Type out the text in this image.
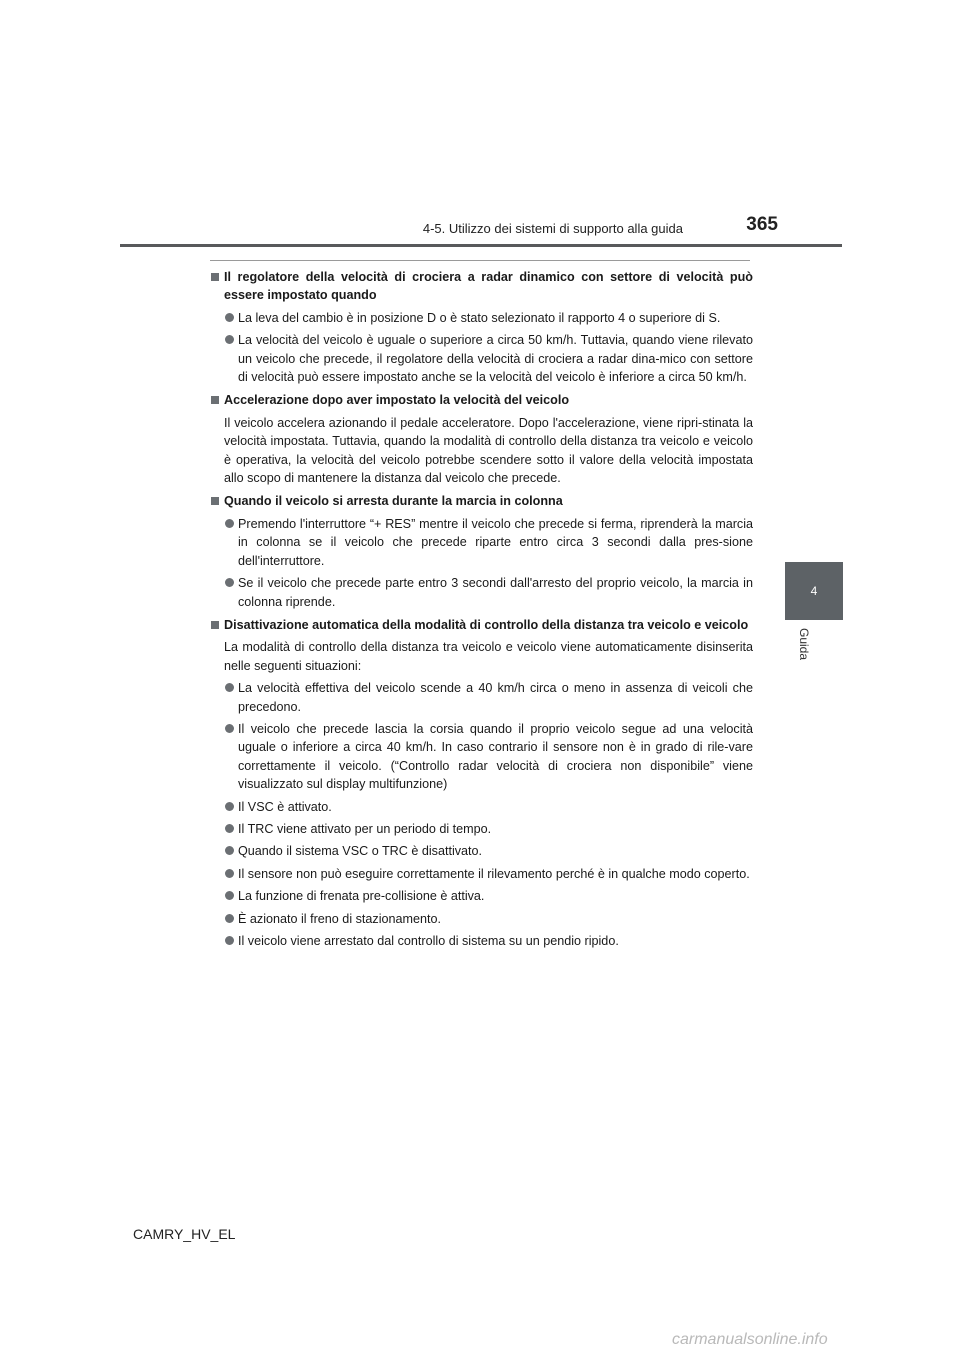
4-5. Utilizzo dei sistemi di supporto alla guida	365
4
Guida
Il regolatore della velocità di crociera a radar dinamico con settore di velocità può essere impostato quando
La leva del cambio è in posizione D o è stato selezionato il rapporto 4 o superiore di S.
La velocità del veicolo è uguale o superiore a circa 50 km/h. Tuttavia, quando viene rilevato un veicolo che precede, il regolatore della velocità di crociera a radar dina-mico con settore di velocità può essere impostato anche se la velocità del veicolo è inferiore a circa 50 km/h.
Accelerazione dopo aver impostato la velocità del veicolo
Il veicolo accelera azionando il pedale acceleratore. Dopo l'accelerazione, viene ripri-stinata la velocità impostata. Tuttavia, quando la modalità di controllo della distanza tra veicolo e veicolo è operativa, la velocità del veicolo potrebbe scendere sotto il valore della velocità impostata allo scopo di mantenere la distanza dal veicolo che precede.
Quando il veicolo si arresta durante la marcia in colonna
Premendo l'interruttore “+ RES” mentre il veicolo che precede si ferma, riprenderà la marcia in colonna se il veicolo che precede riparte entro circa 3 secondi dalla pres-sione dell'interruttore.
Se il veicolo che precede parte entro 3 secondi dall'arresto del proprio veicolo, la marcia in colonna riprende.
Disattivazione automatica della modalità di controllo della distanza tra veicolo e veicolo
La modalità di controllo della distanza tra veicolo e veicolo viene automaticamente disinserita nelle seguenti situazioni:
La velocità effettiva del veicolo scende a 40 km/h circa o meno in assenza di veicoli che precedono.
Il veicolo che precede lascia la corsia quando il proprio veicolo segue ad una velocità uguale o inferiore a circa 40 km/h. In caso contrario il sensore non è in grado di rile-vare correttamente il veicolo. (“Controllo radar velocità di crociera non disponibile” viene visualizzato sul display multifunzione)
Il VSC è attivato.
Il TRC viene attivato per un periodo di tempo.
Quando il sistema VSC o TRC è disattivato.
Il sensore non può eseguire correttamente il rilevamento perché è in qualche modo coperto.
La funzione di frenata pre-collisione è attiva.
È azionato il freno di stazionamento.
Il veicolo viene arrestato dal controllo di sistema su un pendio ripido.
CAMRY_HV_EL
carmanualsonline.info
